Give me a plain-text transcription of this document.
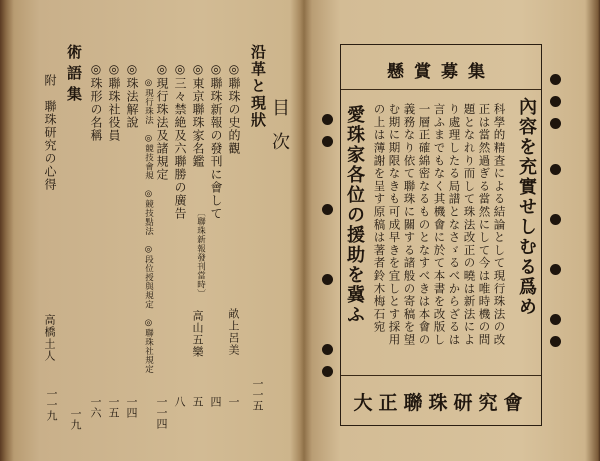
目次
沿革と現狀
一一五
◎聯珠の史的觀
畝上呂美
一
◎聯珠新報の發刊に會して
四
◎東京聯珠家名鑑
〔聯珠新報發刊當時〕
高山五樂
五
◎三々禁絶及六聯勝の廣告
八
◎現行珠法及諸規定
◎現行珠法　◎競技會規　◎競技點法　◎段位授與規定　◎聯珠社規定
一一四
◎珠法解說
一四
◎聯珠社役員
一五
◎珠形の名稱
一六
術語集
一九
附　聯珠研究の心得
高橋土人
一一九
懸賞募集
內容を充實せしむる爲め
科學的精査による結論として現行珠法の改
正は當然過ぎる當然にして今は唯時機の問
題となれり而して珠法改正の曉は新法によ
り處理したる局譜となさゞるべからざるは
言ふまでもなく其機會に於て本書を改版し
一層正確綿密なるものとなすべきは本會の
義務なり依て聯珠に關する諸般の寄稿を望
む期に期限なきも可成早きを宜しとす採用
の上は薄謝を呈す原稿は著者鈴木梅石宛
愛珠家各位の援助を冀ふ
大正聯珠研究會
